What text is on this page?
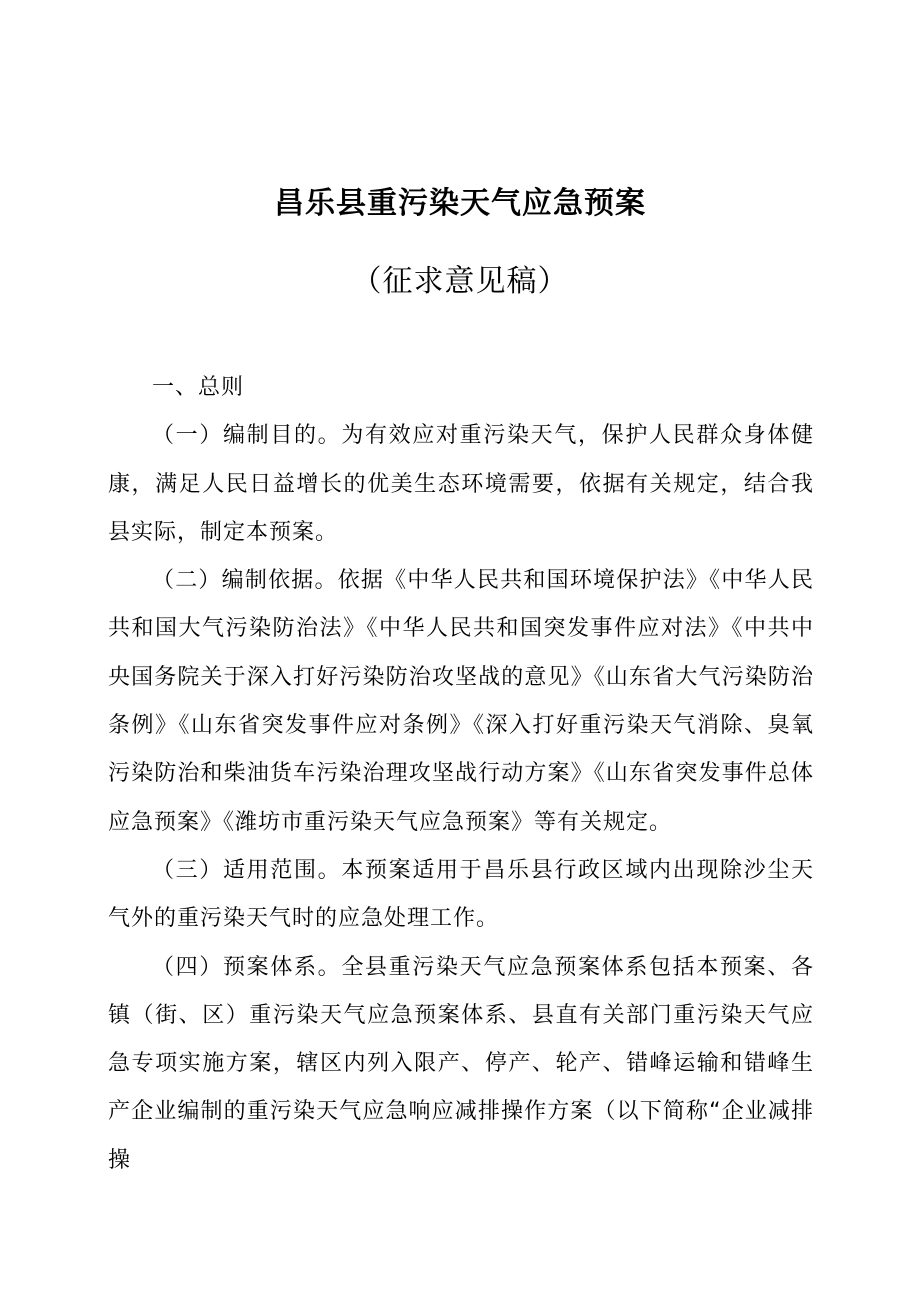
昌乐县重污染天气应急预案
（征求意见稿）

一、总则

（一）编制目的。为有效应对重污染天气，保护人民群众身体健康，满足人民日益增长的优美生态环境需要，依据有关规定，结合我县实际，制定本预案。

（二）编制依据。依据《中华人民共和国环境保护法》《中华人民共和国大气污染防治法》《中华人民共和国突发事件应对法》《中共中央国务院关于深入打好污染防治攻坚战的意见》《山东省大气污染防治条例》《山东省突发事件应对条例》《深入打好重污染天气消除、臭氧污染防治和柴油货车污染治理攻坚战行动方案》《山东省突发事件总体应急预案》《潍坊市重污染天气应急预案》等有关规定。

（三）适用范围。本预案适用于昌乐县行政区域内出现除沙尘天气外的重污染天气时的应急处理工作。

（四）预案体系。全县重污染天气应急预案体系包括本预案、各镇（街、区）重污染天气应急预案体系、县直有关部门重污染天气应急专项实施方案，辖区内列入限产、停产、轮产、错峰运输和错峰生产企业编制的重污染天气应急响应减排操作方案（以下简称“企业减排操
